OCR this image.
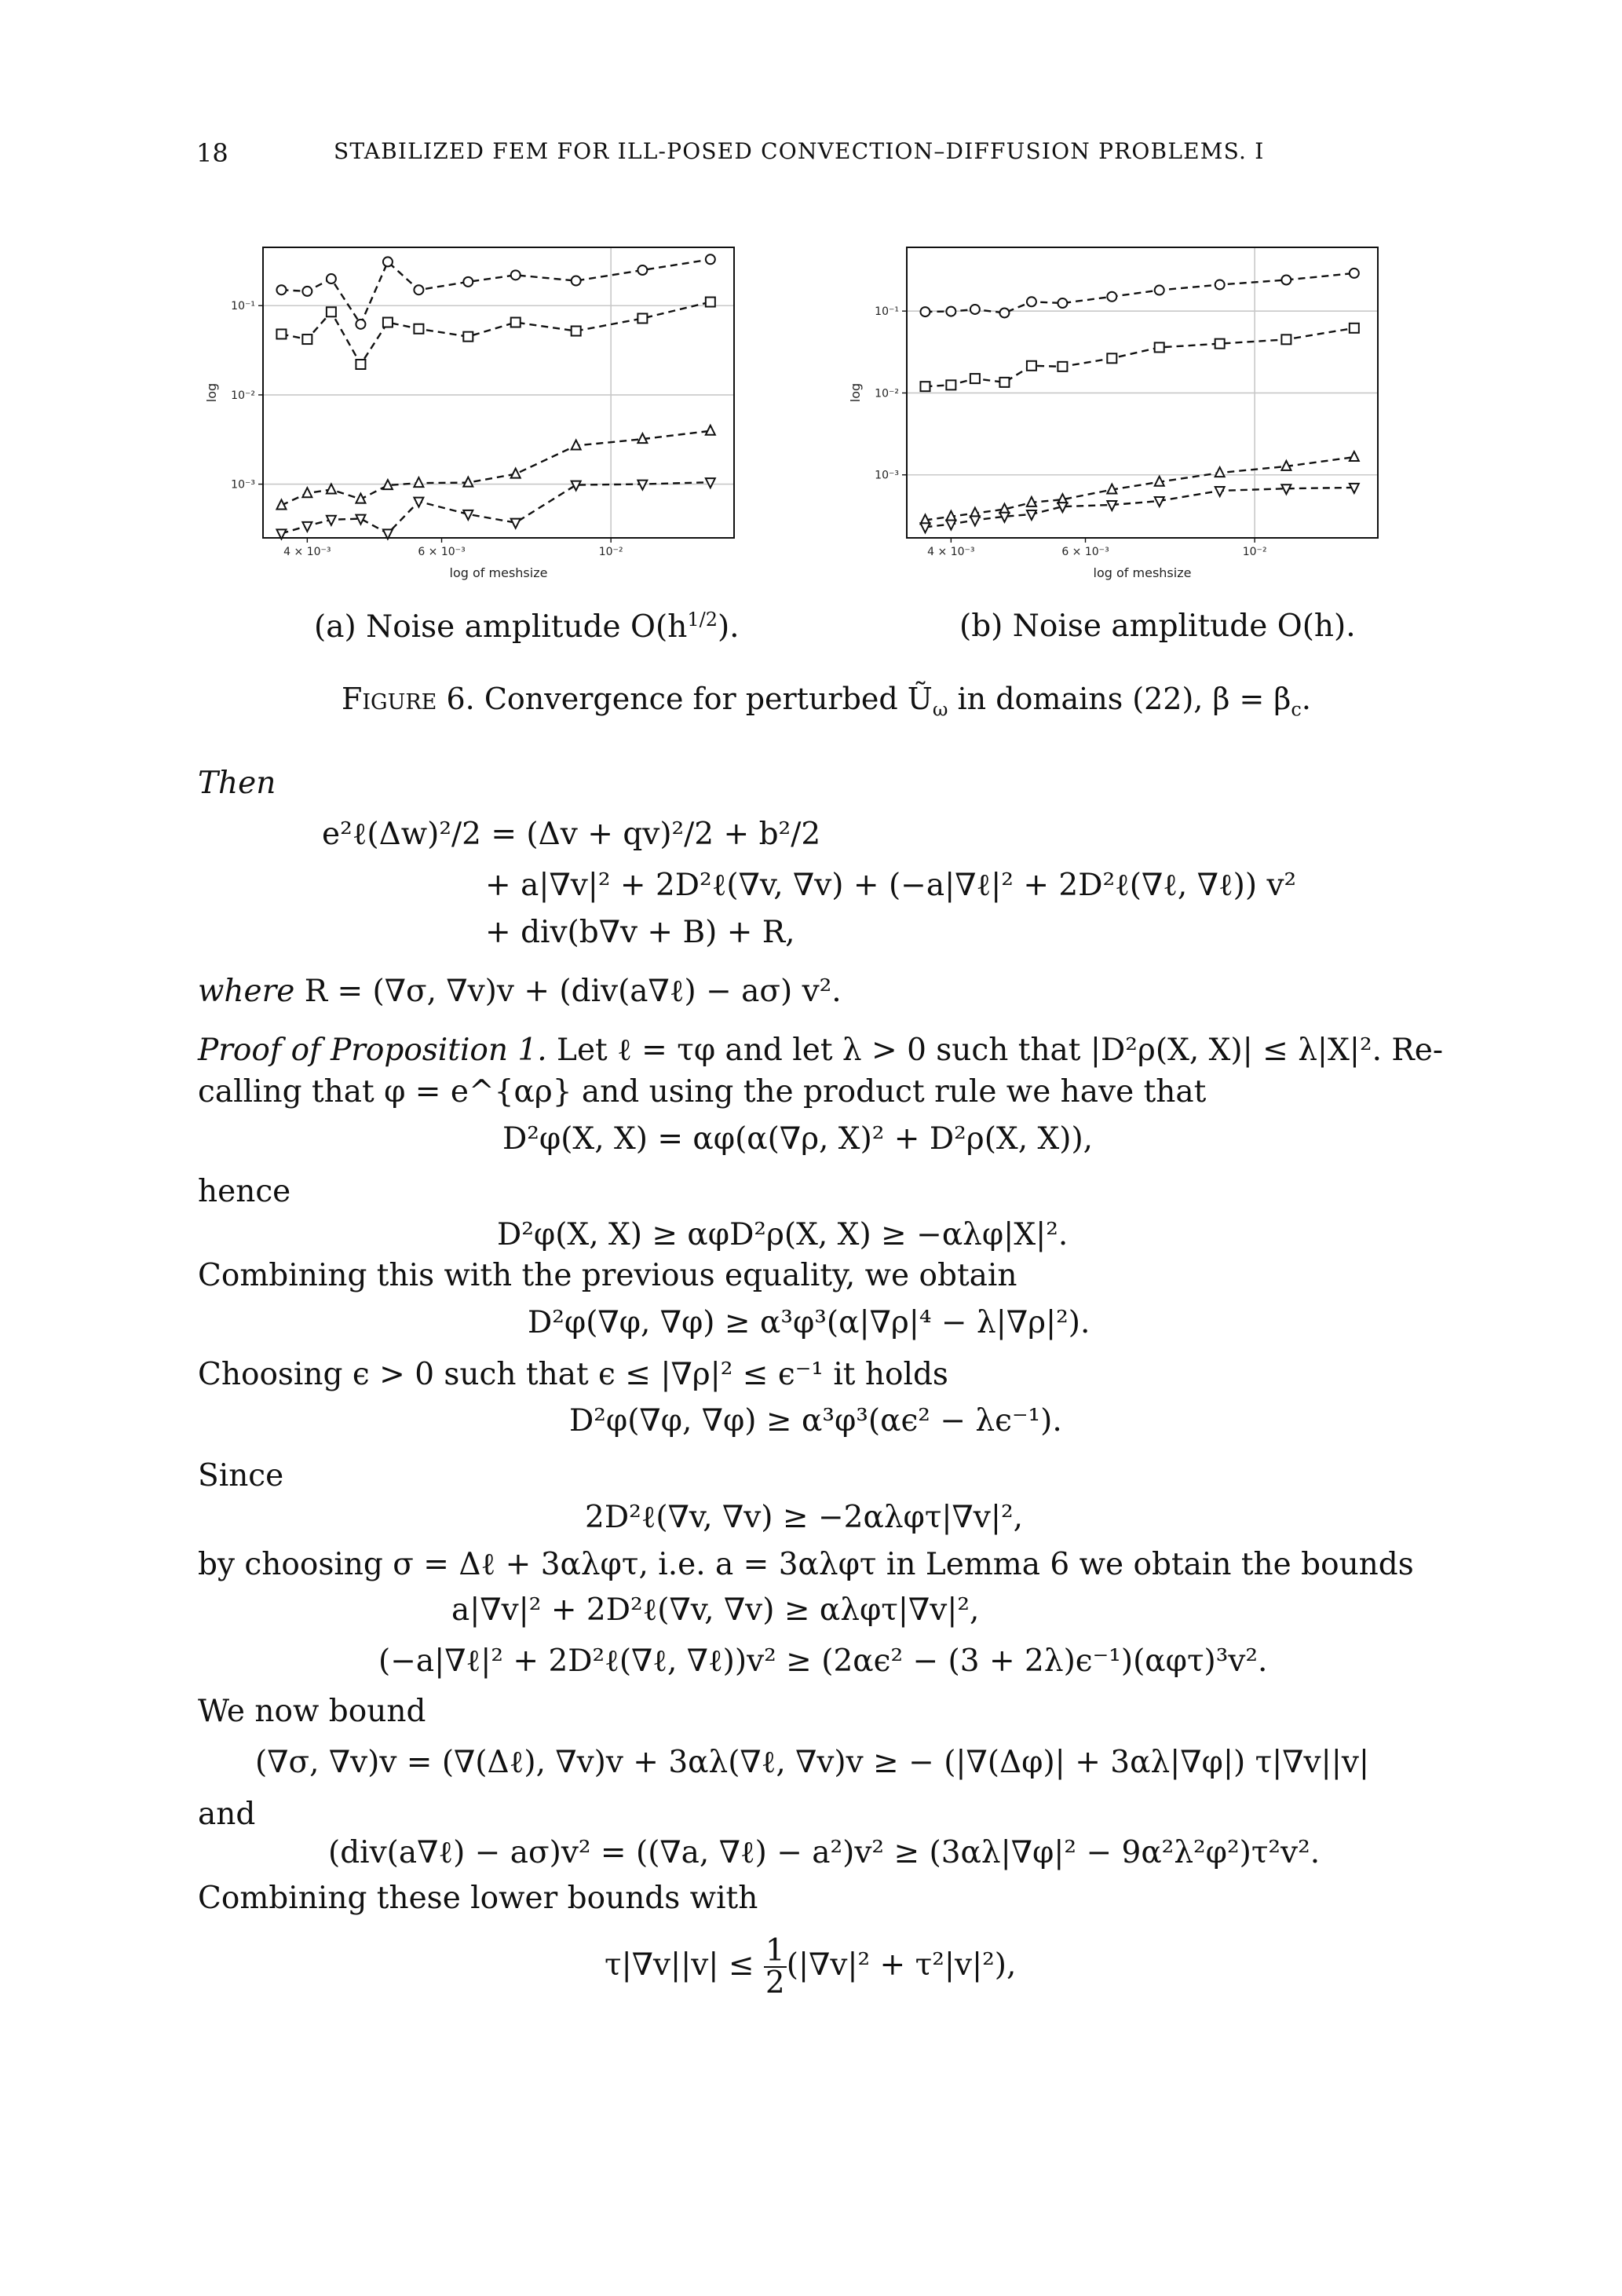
18	STABILIZED FEM FOR ILL-POSED CONVECTION–DIFFUSION PROBLEMS. I
10⁻¹
10⁻²
10⁻³
4 × 10⁻³	6 × 10⁻³	10⁻²
log of meshsize
log
10⁻¹
10⁻²
10⁻³
4 × 10⁻³	6 × 10⁻³	10⁻²
log of meshsize
log
(a) Noise amplitude $O(h^{1/2})$.	(b) Noise amplitude O(h).
Figure 6. Convergence for perturbed $Ũ_\omega$ in domains (22), $\beta = \beta_c$.
Then
e²ℓ(Δw)²/2 = (Δv + qv)²/2 + b²/2
+ a|∇v|² + 2D²ℓ(∇v, ∇v) + (−a|∇ℓ|² + 2D²ℓ(∇ℓ, ∇ℓ)) v²
+ div(b∇v + B) + R,
where R = (∇σ, ∇v)v + (div(a∇ℓ) − aσ) v².
Proof of Proposition 1. Let ℓ = τφ and let λ > 0 such that |D²ρ(X, X)| ≤ λ|X|². Re-
calling that φ = e^{αρ} and using the product rule we have that
D²φ(X, X) = αφ(α(∇ρ, X)² + D²ρ(X, X)),
hence
D²φ(X, X) ≥ αφD²ρ(X, X) ≥ −αλφ|X|².
Combining this with the previous equality, we obtain
D²φ(∇φ, ∇φ) ≥ α³φ³(α|∇ρ|⁴ − λ|∇ρ|²).
Choosing ϵ > 0 such that ϵ ≤ |∇ρ|² ≤ ϵ⁻¹ it holds
D²φ(∇φ, ∇φ) ≥ α³φ³(αϵ² − λϵ⁻¹).
Since
2D²ℓ(∇v, ∇v) ≥ −2αλφτ|∇v|²,
by choosing σ = Δℓ + 3αλφτ, i.e. a = 3αλφτ in Lemma 6 we obtain the bounds
a|∇v|² + 2D²ℓ(∇v, ∇v) ≥ αλφτ|∇v|²,
(−a|∇ℓ|² + 2D²ℓ(∇ℓ, ∇ℓ))v² ≥ (2αϵ² − (3 + 2λ)ϵ⁻¹)(αφτ)³v².
We now bound
(∇σ, ∇v)v = (∇(Δℓ), ∇v)v + 3αλ(∇ℓ, ∇v)v ≥ − (|∇(Δφ)| + 3αλ|∇φ|) τ|∇v||v|
and
(div(a∇ℓ) − aσ)v² = ((∇a, ∇ℓ) − a²)v² ≥ (3αλ|∇φ|² − 9α²λ²φ²)τ²v².
Combining these lower bounds with
$\tau|\nabla v||v| \le \frac{1}{2} (|\nabla v|^2 + \tau^2|v|^2)$,
